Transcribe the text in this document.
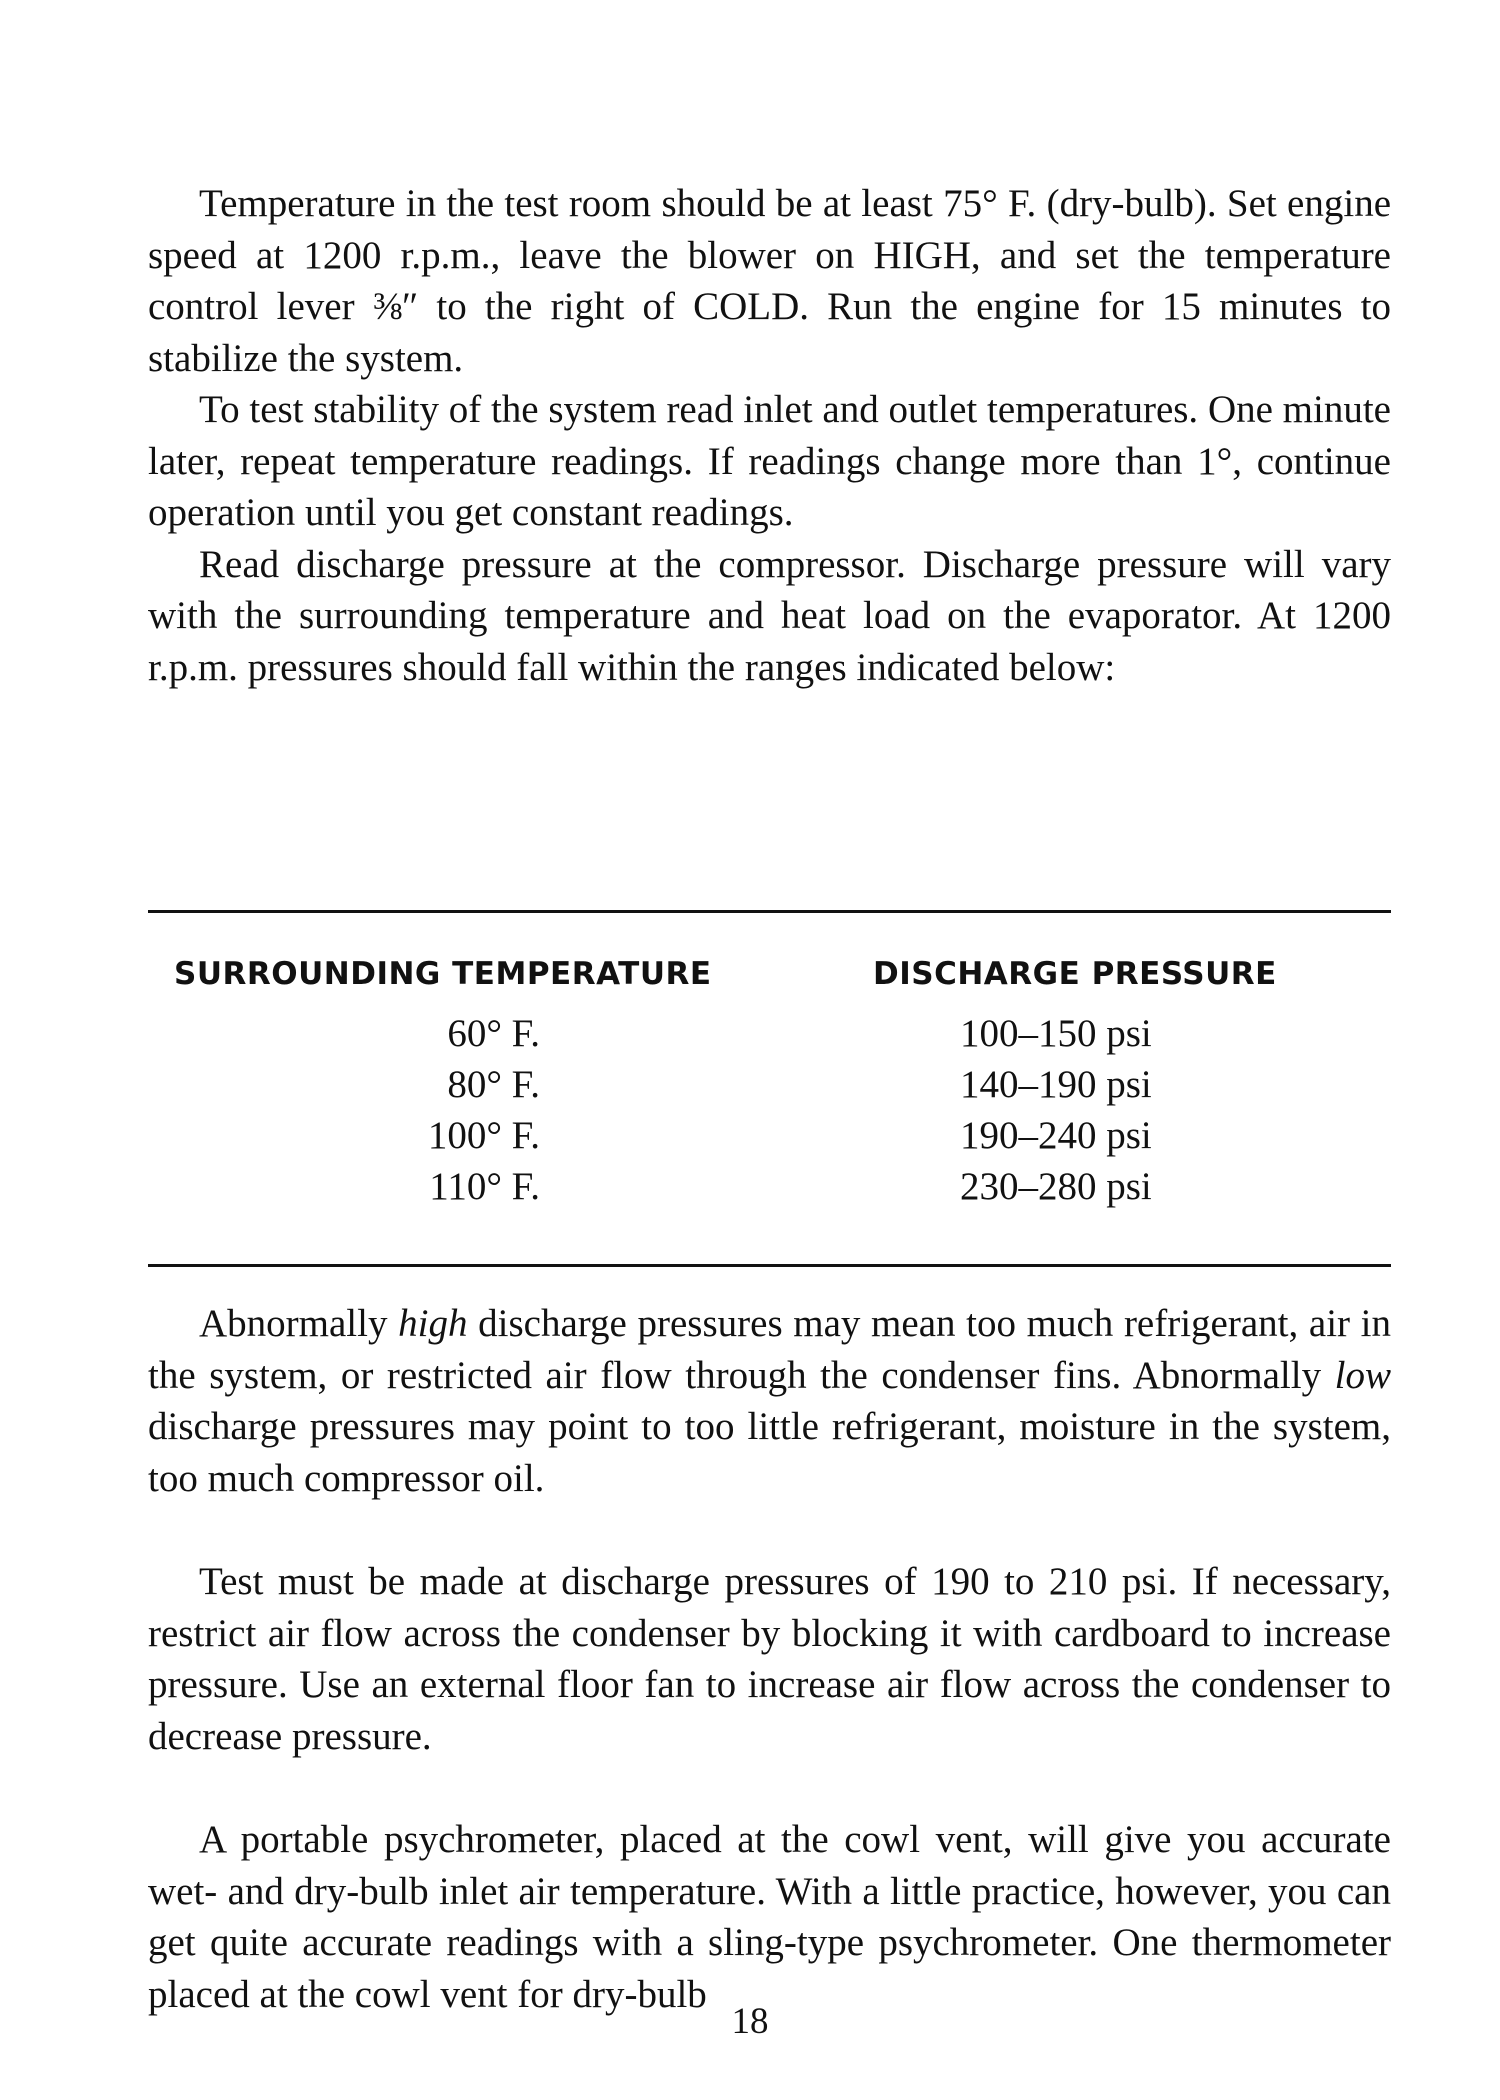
Temperature in the test room should be at least 75° F. (dry-bulb). Set engine speed at 1200 r.p.m., leave the blower on HIGH, and set the temperature control lever ⅜″ to the right of COLD. Run the engine for 15 minutes to stabilize the system.

To test stability of the system read inlet and outlet temperatures. One minute later, repeat temperature readings. If readings change more than 1°, continue operation until you get constant readings.

Read discharge pressure at the compressor. Discharge pressure will vary with the surrounding temperature and heat load on the evaporator. At 1200 r.p.m. pressures should fall within the ranges indicated below:

SURROUNDING TEMPERATURE	DISCHARGE PRESSURE
60° F.
80° F.
100° F.
110° F.
100–150 psi
140–190 psi
190–240 psi
230–280 psi

Abnormally high discharge pressures may mean too much refrigerant, air in the system, or restricted air flow through the condenser fins. Abnormally low discharge pressures may point to too little refrigerant, moisture in the system, too much compressor oil.

Test must be made at discharge pressures of 190 to 210 psi. If necessary, restrict air flow across the condenser by blocking it with cardboard to increase pressure. Use an external floor fan to increase air flow across the condenser to decrease pressure.

A portable psychrometer, placed at the cowl vent, will give you accurate wet- and dry-bulb inlet air temperature. With a little practice, however, you can get quite accurate readings with a sling-type psychrometer. One thermometer placed at the cowl vent for dry-bulb

18
